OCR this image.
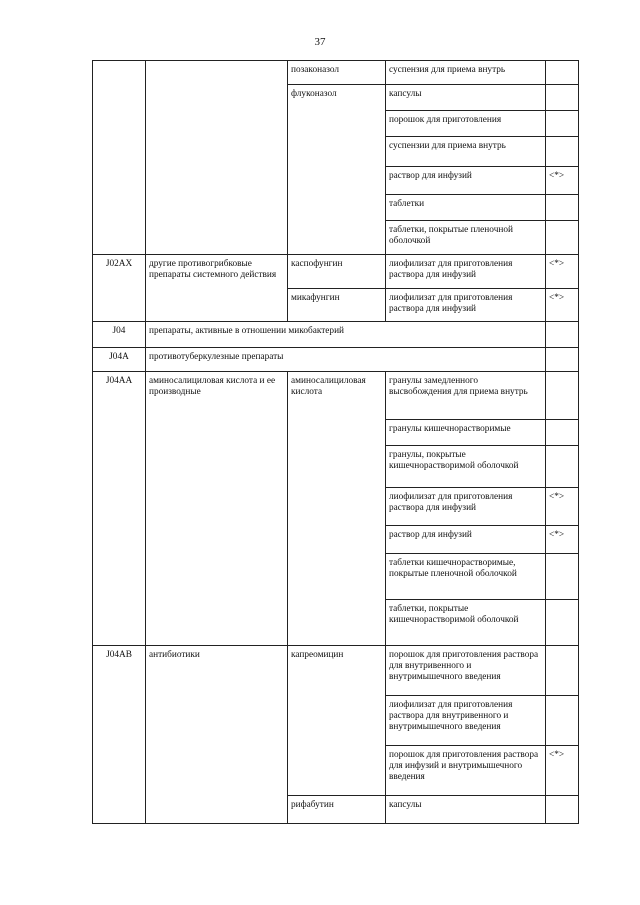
37
		позаконазол	суспензия для приема внутрь	
		флуконазол	капсулы	
			порошок для приготовления	
			суспензии для приема внутрь	
			раствор для инфузий	<*>
			таблетки	
			таблетки, покрытые пленочной оболочкой	
J02AX	другие противогрибковые препараты системного действия	каспофунгин	лиофилизат для приготовления раствора для инфузий	<*>
		микафунгин	лиофилизат для приготовления раствора для инфузий	<*>
J04	препараты, активные в отношении микобактерий			
J04A	противотуберкулезные препараты			
J04AA	аминосалициловая кислота и ее производные	аминосалициловая кислота	гранулы замедленного высвобождения для приема внутрь	
			гранулы кишечнорастворимые	
			гранулы, покрытые кишечнорастворимой оболочкой	
			лиофилизат для приготовления раствора для инфузий	<*>
			раствор для инфузий	<*>
			таблетки кишечнорастворимые, покрытые пленочной оболочкой	
			таблетки, покрытые кишечнорастворимой оболочкой	
J04AB	антибиотики	капреомицин	порошок для приготовления раствора для внутривенного и внутримышечного введения	
			лиофилизат для приготовления раствора для внутривенного и внутримышечного введения	
			порошок для приготовления раствора для инфузий и внутримышечного введения	<*>
		рифабутин	капсулы	
